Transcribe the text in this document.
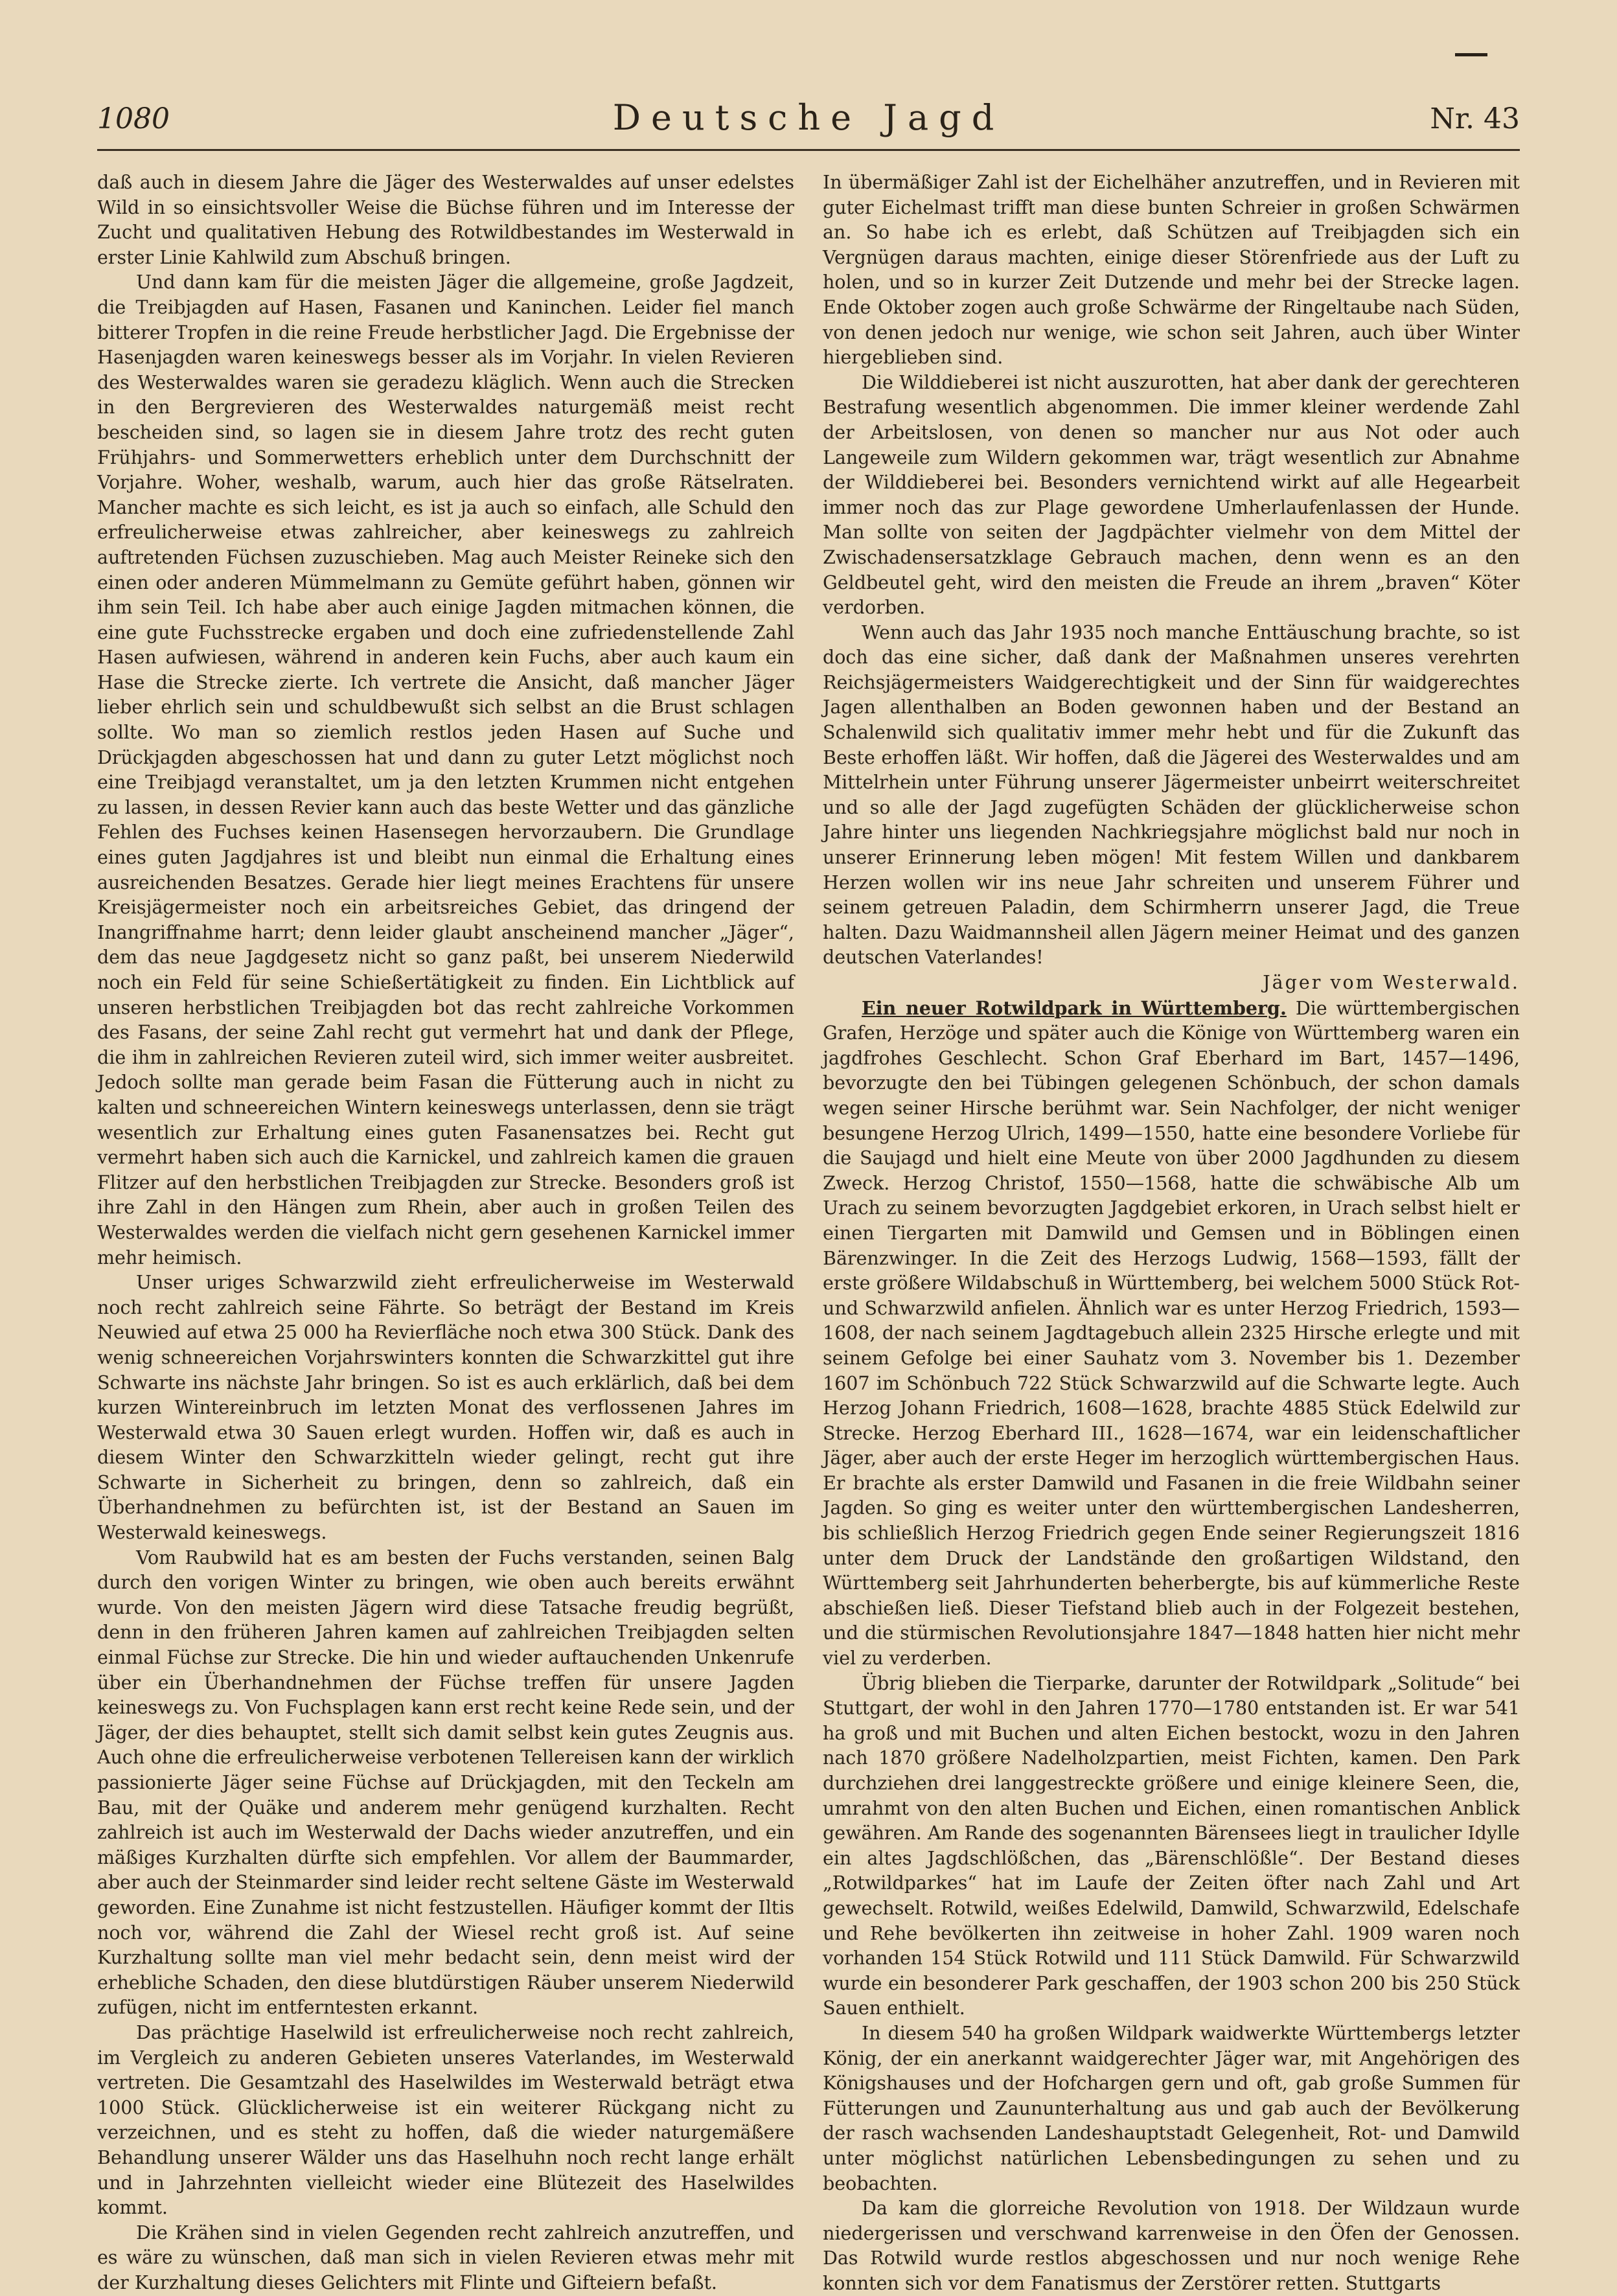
1080	Deutsche Jagd	Nr. 43

daß auch in diesem Jahre die Jäger des Westerwaldes auf unser edelstes Wild in so einsichtsvoller Weise die Büchse führen und im Interesse der Zucht und qualitativen Hebung des Rotwildbestandes im Westerwald in erster Linie Kahlwild zum Abschuß bringen.

Und dann kam für die meisten Jäger die allgemeine, große Jagdzeit, die Treibjagden auf Hasen, Fasanen und Kaninchen. Leider fiel manch bitterer Tropfen in die reine Freude herbstlicher Jagd. Die Ergebnisse der Hasenjagden waren keineswegs besser als im Vorjahr. In vielen Revieren des Westerwaldes waren sie geradezu kläglich. Wenn auch die Strecken in den Bergrevieren des Westerwaldes naturgemäß meist recht bescheiden sind, so lagen sie in diesem Jahre trotz des recht guten Frühjahrs- und Sommerwetters erheblich unter dem Durchschnitt der Vorjahre. Woher, weshalb, warum, auch hier das große Rätselraten. Mancher machte es sich leicht, es ist ja auch so einfach, alle Schuld den erfreulicherweise etwas zahlreicher, aber keineswegs zu zahlreich auftretenden Füchsen zuzuschieben. Mag auch Meister Reineke sich den einen oder anderen Mümmelmann zu Gemüte geführt haben, gönnen wir ihm sein Teil. Ich habe aber auch einige Jagden mitmachen können, die eine gute Fuchsstrecke ergaben und doch eine zufriedenstellende Zahl Hasen aufwiesen, während in anderen kein Fuchs, aber auch kaum ein Hase die Strecke zierte. Ich vertrete die Ansicht, daß mancher Jäger lieber ehrlich sein und schuldbewußt sich selbst an die Brust schlagen sollte. Wo man so ziemlich restlos jeden Hasen auf Suche und Drückjagden abgeschossen hat und dann zu guter Letzt möglichst noch eine Treibjagd veranstaltet, um ja den letzten Krummen nicht entgehen zu lassen, in dessen Revier kann auch das beste Wetter und das gänzliche Fehlen des Fuchses keinen Hasensegen hervorzaubern. Die Grundlage eines guten Jagdjahres ist und bleibt nun einmal die Erhaltung eines ausreichenden Besatzes. Gerade hier liegt meines Erachtens für unsere Kreisjägermeister noch ein arbeitsreiches Gebiet, das dringend der Inangriffnahme harrt; denn leider glaubt anscheinend mancher „Jäger“, dem das neue Jagdgesetz nicht so ganz paßt, bei unserem Niederwild noch ein Feld für seine Schießertätigkeit zu finden. Ein Lichtblick auf unseren herbstlichen Treibjagden bot das recht zahlreiche Vorkommen des Fasans, der seine Zahl recht gut vermehrt hat und dank der Pflege, die ihm in zahlreichen Revieren zuteil wird, sich immer weiter ausbreitet. Jedoch sollte man gerade beim Fasan die Fütterung auch in nicht zu kalten und schneereichen Wintern keineswegs unterlassen, denn sie trägt wesentlich zur Erhaltung eines guten Fasanensatzes bei. Recht gut vermehrt haben sich auch die Karnickel, und zahlreich kamen die grauen Flitzer auf den herbstlichen Treibjagden zur Strecke. Besonders groß ist ihre Zahl in den Hängen zum Rhein, aber auch in großen Teilen des Westerwaldes werden die vielfach nicht gern gesehenen Karnickel immer mehr heimisch.

Unser uriges Schwarzwild zieht erfreulicherweise im Westerwald noch recht zahlreich seine Fährte. So beträgt der Bestand im Kreis Neuwied auf etwa 25 000 ha Revierfläche noch etwa 300 Stück. Dank des wenig schneereichen Vorjahrswinters konnten die Schwarzkittel gut ihre Schwarte ins nächste Jahr bringen. So ist es auch erklärlich, daß bei dem kurzen Wintereinbruch im letzten Monat des verflossenen Jahres im Westerwald etwa 30 Sauen erlegt wurden. Hoffen wir, daß es auch in diesem Winter den Schwarzkitteln wieder gelingt, recht gut ihre Schwarte in Sicherheit zu bringen, denn so zahlreich, daß ein Überhandnehmen zu befürchten ist, ist der Bestand an Sauen im Westerwald keineswegs.

Vom Raubwild hat es am besten der Fuchs verstanden, seinen Balg durch den vorigen Winter zu bringen, wie oben auch bereits erwähnt wurde. Von den meisten Jägern wird diese Tatsache freudig begrüßt, denn in den früheren Jahren kamen auf zahlreichen Treibjagden selten einmal Füchse zur Strecke. Die hin und wieder auftauchenden Unkenrufe über ein Überhandnehmen der Füchse treffen für unsere Jagden keineswegs zu. Von Fuchsplagen kann erst recht keine Rede sein, und der Jäger, der dies behauptet, stellt sich damit selbst kein gutes Zeugnis aus. Auch ohne die erfreulicherweise verbotenen Tellereisen kann der wirklich passionierte Jäger seine Füchse auf Drückjagden, mit den Teckeln am Bau, mit der Quäke und anderem mehr genügend kurzhalten. Recht zahlreich ist auch im Westerwald der Dachs wieder anzutreffen, und ein mäßiges Kurzhalten dürfte sich empfehlen. Vor allem der Baummarder, aber auch der Steinmarder sind leider recht seltene Gäste im Westerwald geworden. Eine Zunahme ist nicht festzustellen. Häufiger kommt der Iltis noch vor, während die Zahl der Wiesel recht groß ist. Auf seine Kurzhaltung sollte man viel mehr bedacht sein, denn meist wird der erhebliche Schaden, den diese blutdürstigen Räuber unserem Niederwild zufügen, nicht im entferntesten erkannt.

Das prächtige Haselwild ist erfreulicherweise noch recht zahlreich, im Vergleich zu anderen Gebieten unseres Vaterlandes, im Westerwald vertreten. Die Gesamtzahl des Haselwildes im Westerwald beträgt etwa 1000 Stück. Glücklicherweise ist ein weiterer Rückgang nicht zu verzeichnen, und es steht zu hoffen, daß die wieder naturgemäßere Behandlung unserer Wälder uns das Haselhuhn noch recht lange erhält und in Jahrzehnten vielleicht wieder eine Blütezeit des Haselwildes kommt.

Die Krähen sind in vielen Gegenden recht zahlreich anzutreffen, und es wäre zu wünschen, daß man sich in vielen Revieren etwas mehr mit der Kurzhaltung dieses Gelichters mit Flinte und Gifteiern befaßt.

In übermäßiger Zahl ist der Eichelhäher anzutreffen, und in Revieren mit guter Eichelmast trifft man diese bunten Schreier in großen Schwärmen an. So habe ich es erlebt, daß Schützen auf Treibjagden sich ein Vergnügen daraus machten, einige dieser Störenfriede aus der Luft zu holen, und so in kurzer Zeit Dutzende und mehr bei der Strecke lagen. Ende Oktober zogen auch große Schwärme der Ringeltaube nach Süden, von denen jedoch nur wenige, wie schon seit Jahren, auch über Winter hiergeblieben sind.

Die Wilddieberei ist nicht auszurotten, hat aber dank der gerechteren Bestrafung wesentlich abgenommen. Die immer kleiner werdende Zahl der Arbeitslosen, von denen so mancher nur aus Not oder auch Langeweile zum Wildern gekommen war, trägt wesentlich zur Abnahme der Wilddieberei bei. Besonders vernichtend wirkt auf alle Hegearbeit immer noch das zur Plage gewordene Umherlaufenlassen der Hunde. Man sollte von seiten der Jagdpächter vielmehr von dem Mittel der Zwischadensersatzklage Gebrauch machen, denn wenn es an den Geldbeutel geht, wird den meisten die Freude an ihrem „braven“ Köter verdorben.

Wenn auch das Jahr 1935 noch manche Enttäuschung brachte, so ist doch das eine sicher, daß dank der Maßnahmen unseres verehrten Reichsjägermeisters Waidgerechtigkeit und der Sinn für waidgerechtes Jagen allenthalben an Boden gewonnen haben und der Bestand an Schalenwild sich qualitativ immer mehr hebt und für die Zukunft das Beste erhoffen läßt. Wir hoffen, daß die Jägerei des Westerwaldes und am Mittelrhein unter Führung unserer Jägermeister unbeirrt weiterschreitet und so alle der Jagd zugefügten Schäden der glücklicherweise schon Jahre hinter uns liegenden Nachkriegsjahre möglichst bald nur noch in unserer Erinnerung leben mögen! Mit festem Willen und dankbarem Herzen wollen wir ins neue Jahr schreiten und unserem Führer und seinem getreuen Paladin, dem Schirmherrn unserer Jagd, die Treue halten. Dazu Waidmannsheil allen Jägern meiner Heimat und des ganzen deutschen Vaterlandes!

Jäger vom Westerwald.

Ein neuer Rotwildpark in Württemberg. Die württembergischen Grafen, Herzöge und später auch die Könige von Württemberg waren ein jagdfrohes Geschlecht. Schon Graf Eberhard im Bart, 1457—1496, bevorzugte den bei Tübingen gelegenen Schönbuch, der schon damals wegen seiner Hirsche berühmt war. Sein Nachfolger, der nicht weniger besungene Herzog Ulrich, 1499—1550, hatte eine besondere Vorliebe für die Saujagd und hielt eine Meute von über 2000 Jagdhunden zu diesem Zweck. Herzog Christof, 1550—1568, hatte die schwäbische Alb um Urach zu seinem bevorzugten Jagdgebiet erkoren, in Urach selbst hielt er einen Tiergarten mit Damwild und Gemsen und in Böblingen einen Bärenzwinger. In die Zeit des Herzogs Ludwig, 1568—1593, fällt der erste größere Wildabschuß in Württemberg, bei welchem 5000 Stück Rot- und Schwarzwild anfielen. Ähnlich war es unter Herzog Friedrich, 1593—1608, der nach seinem Jagdtagebuch allein 2325 Hirsche erlegte und mit seinem Gefolge bei einer Sauhatz vom 3. November bis 1. Dezember 1607 im Schönbuch 722 Stück Schwarzwild auf die Schwarte legte. Auch Herzog Johann Friedrich, 1608—1628, brachte 4885 Stück Edelwild zur Strecke. Herzog Eberhard III., 1628—1674, war ein leidenschaftlicher Jäger, aber auch der erste Heger im herzoglich württembergischen Haus. Er brachte als erster Damwild und Fasanen in die freie Wildbahn seiner Jagden. So ging es weiter unter den württembergischen Landesherren, bis schließlich Herzog Friedrich gegen Ende seiner Regierungszeit 1816 unter dem Druck der Landstände den großartigen Wildstand, den Württemberg seit Jahrhunderten beherbergte, bis auf kümmerliche Reste abschießen ließ. Dieser Tiefstand blieb auch in der Folgezeit bestehen, und die stürmischen Revolutionsjahre 1847—1848 hatten hier nicht mehr viel zu verderben.

Übrig blieben die Tierparke, darunter der Rotwildpark „Solitude“ bei Stuttgart, der wohl in den Jahren 1770—1780 entstanden ist. Er war 541 ha groß und mit Buchen und alten Eichen bestockt, wozu in den Jahren nach 1870 größere Nadelholzpartien, meist Fichten, kamen. Den Park durchziehen drei langgestreckte größere und einige kleinere Seen, die, umrahmt von den alten Buchen und Eichen, einen romantischen Anblick gewähren. Am Rande des sogenannten Bärensees liegt in traulicher Idylle ein altes Jagdschlößchen, das „Bärenschlößle“. Der Bestand dieses „Rotwildparkes“ hat im Laufe der Zeiten öfter nach Zahl und Art gewechselt. Rotwild, weißes Edelwild, Damwild, Schwarzwild, Edelschafe und Rehe bevölkerten ihn zeitweise in hoher Zahl. 1909 waren noch vorhanden 154 Stück Rotwild und 111 Stück Damwild. Für Schwarzwild wurde ein besonderer Park geschaffen, der 1903 schon 200 bis 250 Stück Sauen enthielt.

In diesem 540 ha großen Wildpark waidwerkte Württembergs letzter König, der ein anerkannt waidgerechter Jäger war, mit Angehörigen des Königshauses und der Hofchargen gern und oft, gab große Summen für Fütterungen und Zaununterhaltung aus und gab auch der Bevölkerung der rasch wachsenden Landeshauptstadt Gelegenheit, Rot- und Damwild unter möglichst natürlichen Lebensbedingungen zu sehen und zu beobachten.

Da kam die glorreiche Revolution von 1918. Der Wildzaun wurde niedergerissen und verschwand karrenweise in den Öfen der Genossen. Das Rotwild wurde restlos abgeschossen und nur noch wenige Rehe konnten sich vor dem Fanatismus der Zerstörer retten. Stuttgarts
